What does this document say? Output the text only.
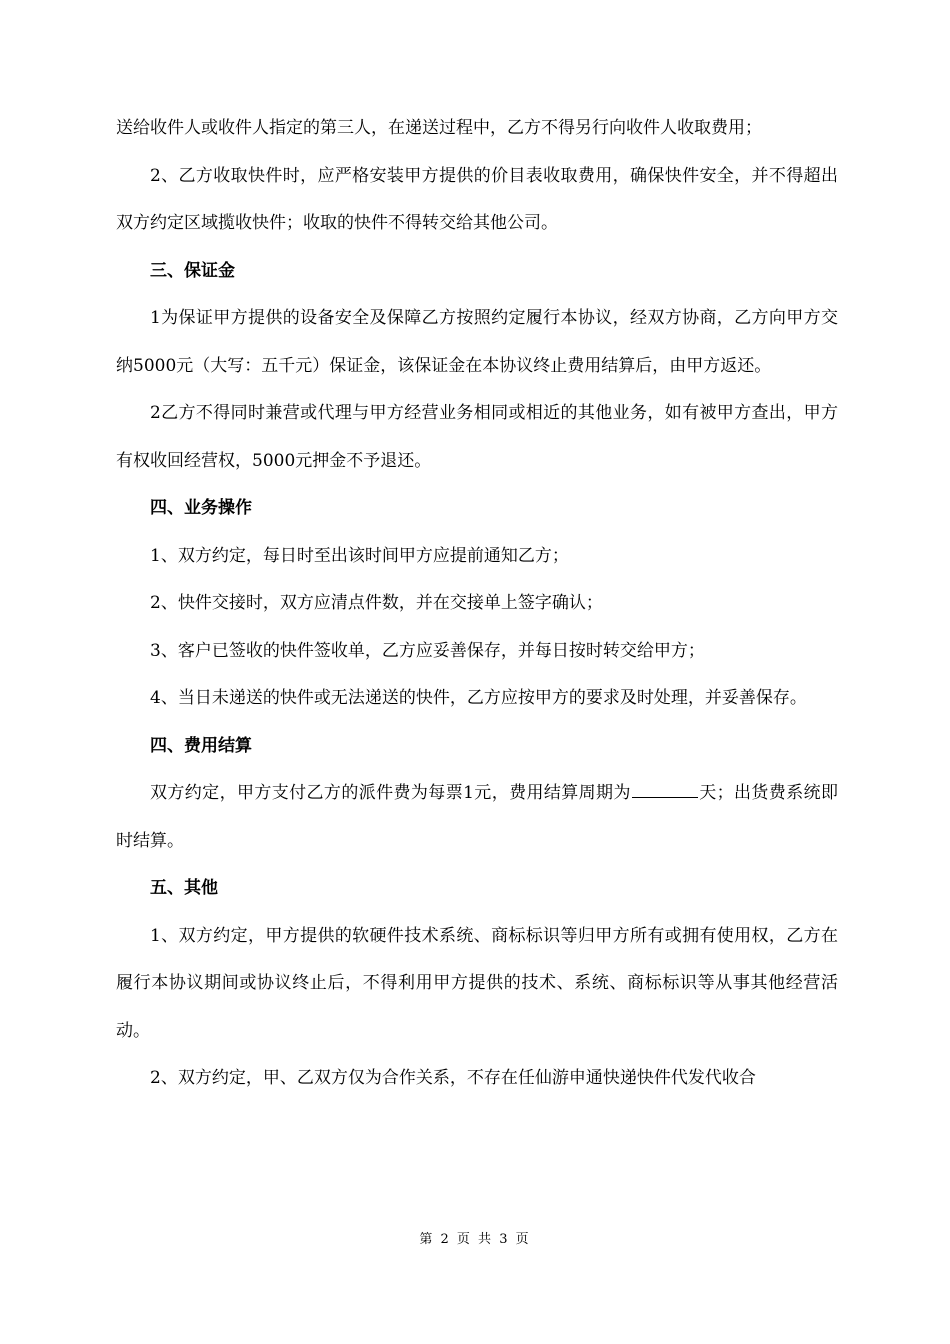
送给收件人或收件人指定的第三人，在递送过程中，乙方不得另行向收件人收取费用；

2、乙方收取快件时，应严格安装甲方提供的价目表收取费用，确保快件安全，并不得超出双方约定区域揽收快件；收取的快件不得转交给其他公司。

三、保证金

1为保证甲方提供的设备安全及保障乙方按照约定履行本协议，经双方协商，乙方向甲方交纳5000元（大写：五千元）保证金，该保证金在本协议终止费用结算后，由甲方返还。

2乙方不得同时兼营或代理与甲方经营业务相同或相近的其他业务，如有被甲方查出，甲方有权收回经营权，5000元押金不予退还。

四、业务操作

1、双方约定，每日时至出该时间甲方应提前通知乙方；

2、快件交接时，双方应清点件数，并在交接单上签字确认；

3、客户已签收的快件签收单，乙方应妥善保存，并每日按时转交给甲方；

4、当日未递送的快件或无法递送的快件，乙方应按甲方的要求及时处理，并妥善保存。

四、费用结算

双方约定，甲方支付乙方的派件费为每票1元，费用结算周期为	天；出货费系统即时结算。

五、其他

1、双方约定，甲方提供的软硬件技术系统、商标标识等归甲方所有或拥有使用权，乙方在履行本协议期间或协议终止后，不得利用甲方提供的技术、系统、商标标识等从事其他经营活动。

2、双方约定，甲、乙双方仅为合作关系，不存在任仙游申通快递快件代发代收合

第 2 页 共 3 页
